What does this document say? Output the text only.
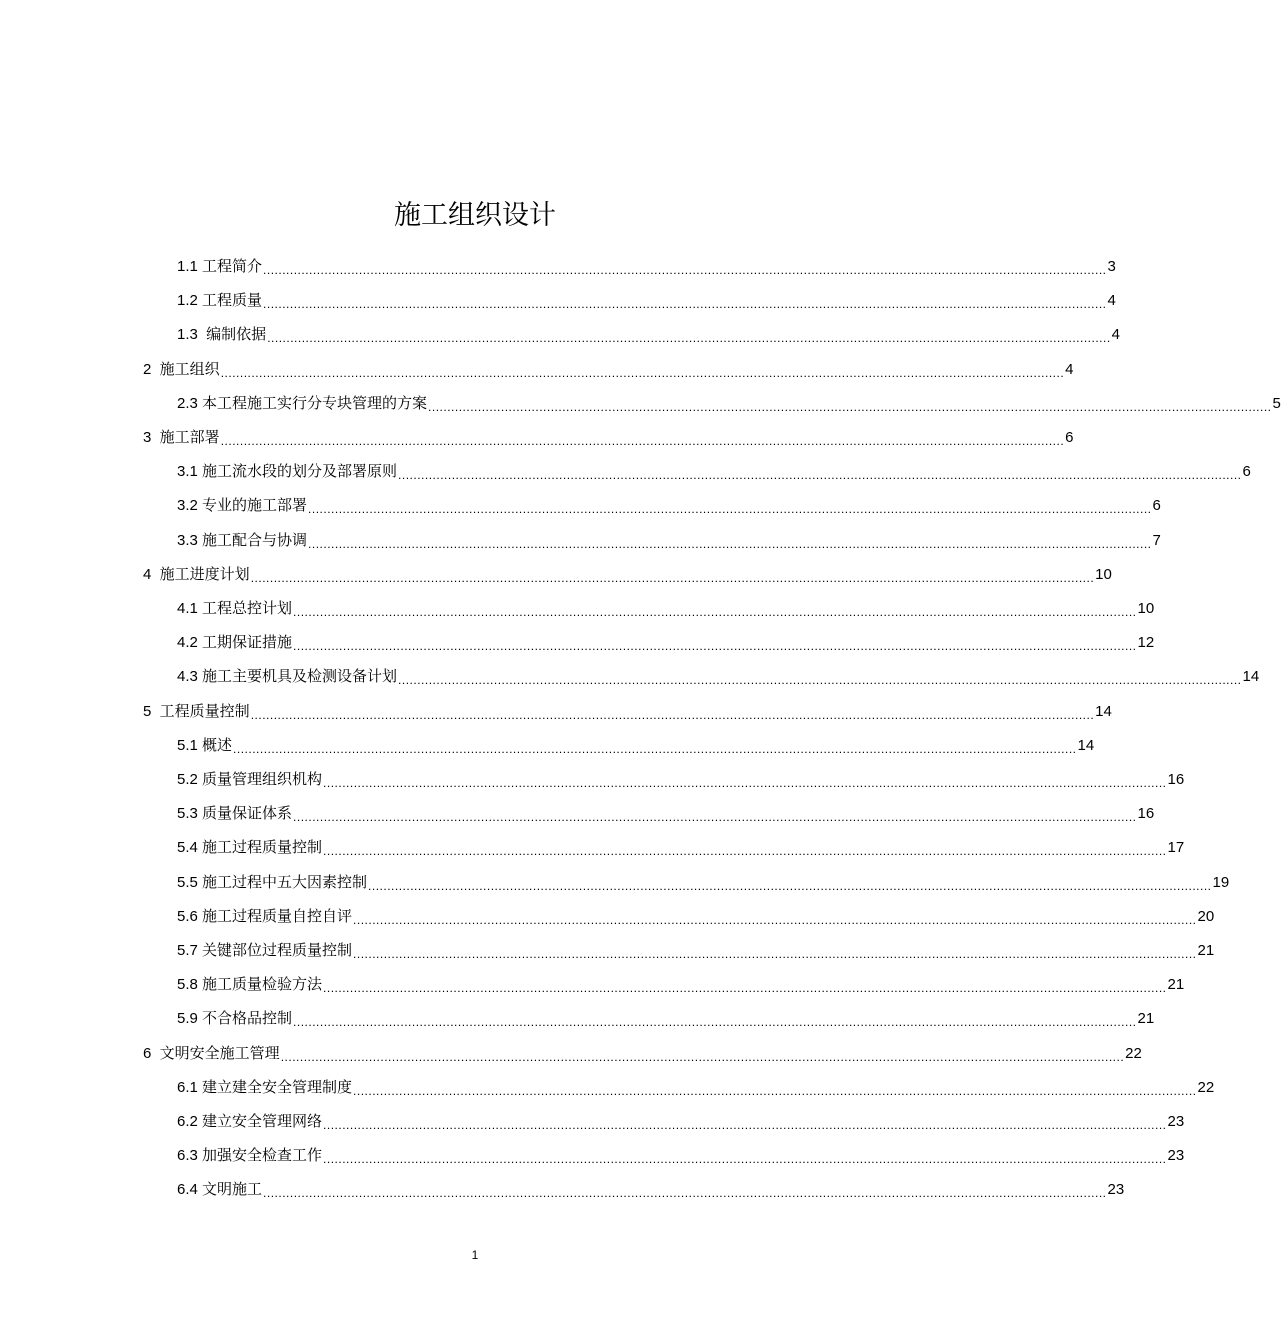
施工组织设计
1.1 工程简介 ............................................................................................................................................................................................................................ 3
1.2 工程质量 ............................................................................................................................................................................................................................ 4
1.3  编制依据 ............................................................................................................................................................................................................................ 4
2  施工组织 ............................................................................................................................................................................................................................ 4
2.3 本工程施工实行分专块管理的方案 ............................................................................................................................................................................................................................ 5
3  施工部署 ............................................................................................................................................................................................................................ 6
3.1 施工流水段的划分及部署原则 ............................................................................................................................................................................................................................ 6
3.2 专业的施工部署 ............................................................................................................................................................................................................................ 6
3.3 施工配合与协调 ............................................................................................................................................................................................................................ 7
4  施工进度计划 ............................................................................................................................................................................................................................ 10
4.1 工程总控计划 ............................................................................................................................................................................................................................ 10
4.2 工期保证措施 ............................................................................................................................................................................................................................ 12
4.3 施工主要机具及检测设备计划 ............................................................................................................................................................................................................................ 14
5  工程质量控制 ............................................................................................................................................................................................................................ 14
5.1 概述 ............................................................................................................................................................................................................................ 14
5.2 质量管理组织机构 ............................................................................................................................................................................................................................ 16
5.3 质量保证体系 ............................................................................................................................................................................................................................ 16
5.4 施工过程质量控制 ............................................................................................................................................................................................................................ 17
5.5 施工过程中五大因素控制 ............................................................................................................................................................................................................................ 19
5.6 施工过程质量自控自评 ............................................................................................................................................................................................................................ 20
5.7 关键部位过程质量控制 ............................................................................................................................................................................................................................ 21
5.8 施工质量检验方法 ............................................................................................................................................................................................................................ 21
5.9 不合格品控制 ............................................................................................................................................................................................................................ 21
6  文明安全施工管理 ............................................................................................................................................................................................................................ 22
6.1 建立建全安全管理制度 ............................................................................................................................................................................................................................ 22
6.2 建立安全管理网络 ............................................................................................................................................................................................................................ 23
6.3 加强安全检查工作 ............................................................................................................................................................................................................................ 23
6.4 文明施工 ............................................................................................................................................................................................................................ 23
1
